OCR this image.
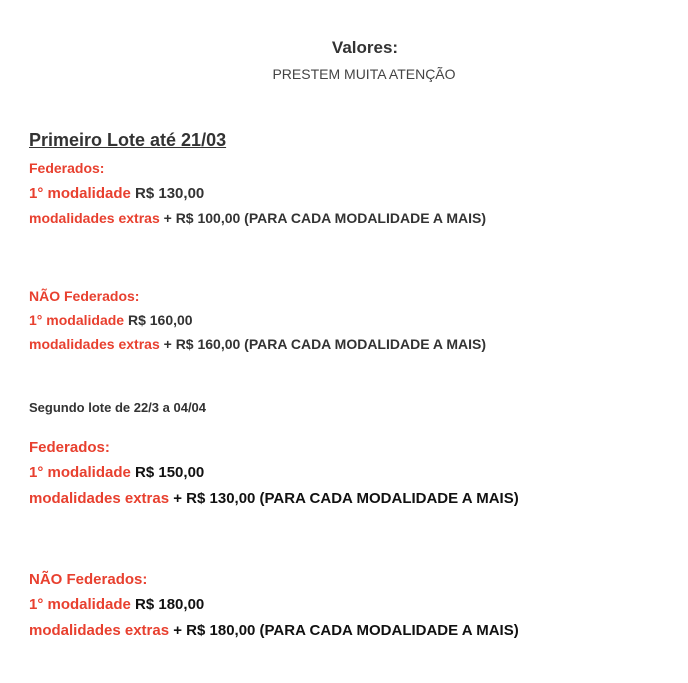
Valores:
PRESTEM MUITA ATENÇÃO
Primeiro Lote até 21/03
Federados:
1° modalidade R$ 130,00
modalidades extras + R$ 100,00 (PARA CADA MODALIDADE A MAIS)
NÃO Federados:
1° modalidade R$ 160,00
modalidades extras + R$ 160,00 (PARA CADA MODALIDADE A MAIS)
Segundo lote de 22/3 a 04/04
Federados:
1° modalidade R$ 150,00
modalidades extras + R$ 130,00 (PARA CADA MODALIDADE A MAIS)
NÃO Federados:
1° modalidade R$ 180,00
modalidades extras + R$ 180,00 (PARA CADA MODALIDADE A MAIS)
